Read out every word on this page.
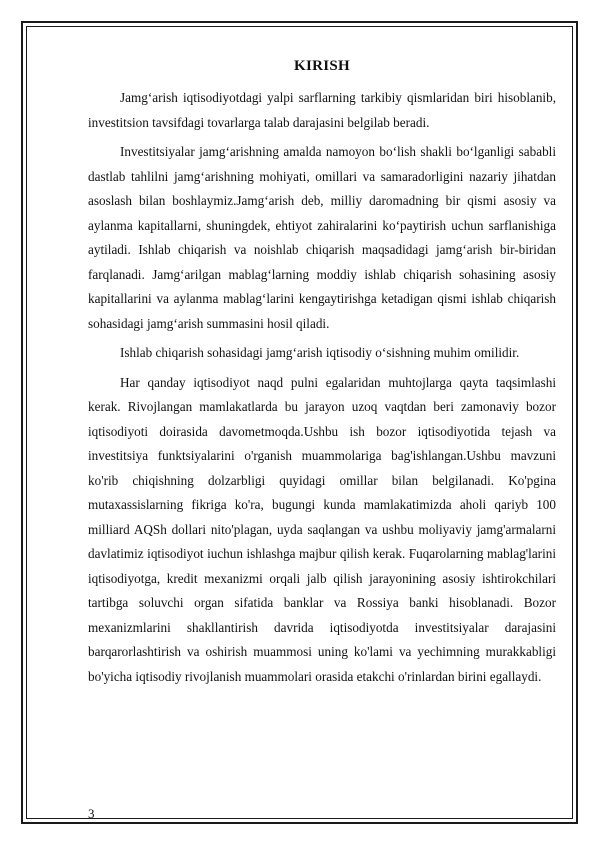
KIRISH

Jamg‘arish iqtisodiyotdagi yalpi sarflarning tarkibiy qismlaridan biri hisoblanib, investitsion tavsifdagi tovarlarga talab darajasini belgilab beradi.

Investitsiyalar jamg‘arishning amalda namoyon bo‘lish shakli bo‘lganligi sababli dastlab tahlilni jamg‘arishning mohiyati, omillari va samaradorligini nazariy jihatdan asoslash bilan boshlaymiz.Jamg‘arish deb, milliy daromadning bir qismi asosiy va aylanma kapitallarni, shuningdek, ehtiyot zahiralarini ko‘paytirish uchun sarflanishiga aytiladi. Ishlab chiqarish va noishlab chiqarish maqsadidagi jamg‘arish bir-biridan farqlanadi. Jamg‘arilgan mablag‘larning moddiy ishlab chiqarish sohasining asosiy kapitallarini va aylanma mablag‘larini kengaytirishga ketadigan qismi ishlab chiqarish sohasidagi jamg‘arish summasini hosil qiladi.

Ishlab chiqarish sohasidagi jamg‘arish iqtisodiy o‘sishning muhim omilidir.

Har qanday iqtisodiyot naqd pulni egalaridan muhtojlarga qayta taqsimlashi kerak. Rivojlangan mamlakatlarda bu jarayon uzoq vaqtdan beri zamonaviy bozor iqtisodiyoti doirasida davometmoqda.Ushbu ish bozor iqtisodiyotida tejash va investitsiya funktsiyalarini o'rganish muammolariga bag'ishlangan.Ushbu mavzuni ko'rib chiqishning dolzarbligi quyidagi omillar bilan belgilanadi. Ko'pgina mutaxassislarning fikriga ko'ra, bugungi kunda mamlakatimizda aholi qariyb 100 milliard AQSh dollari nito'plagan, uyda saqlangan va ushbu moliyaviy jamg'armalarni davlatimiz iqtisodiyot iuchun ishlashga majbur qilish kerak. Fuqarolarning mablag'larini iqtisodiyotga, kredit mexanizmi orqali jalb qilish jarayonining asosiy ishtirokchilari tartibga soluvchi organ sifatida banklar va Rossiya banki hisoblanadi. Bozor mexanizmlarini shakllantirish davrida iqtisodiyotda investitsiyalar darajasini barqarorlashtirish va oshirish muammosi uning ko'lami va yechimning murakkabligi bo'yicha iqtisodiy rivojlanish muammolari orasida etakchi o'rinlardan birini egallaydi.

3
